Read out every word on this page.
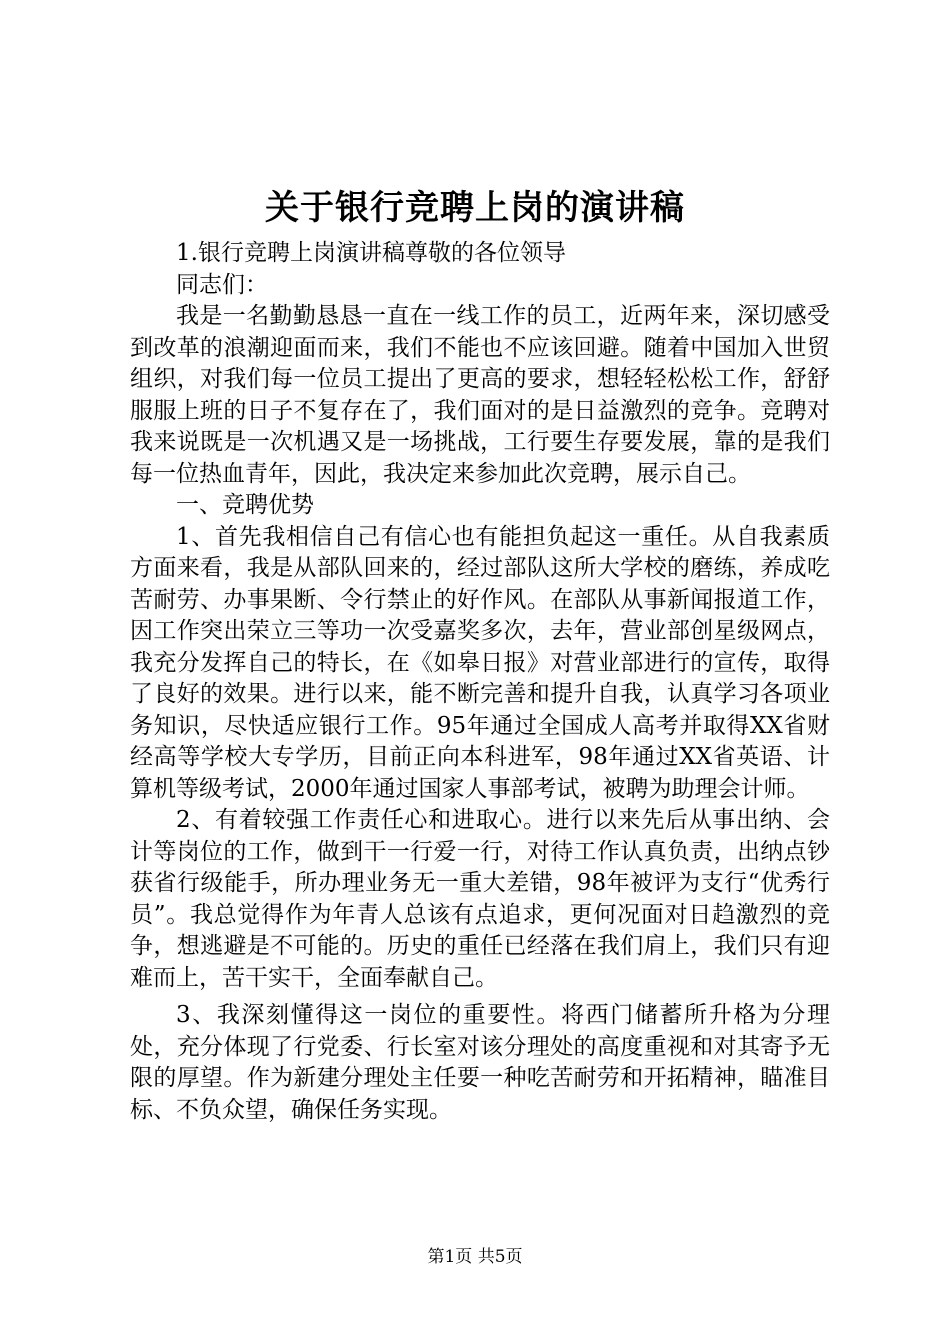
关于银行竞聘上岗的演讲稿

1.银行竞聘上岗演讲稿尊敬的各位领导

同志们：

我是一名勤勤恳恳一直在一线工作的员工，近两年来，深切感受到改革的浪潮迎面而来，我们不能也不应该回避。随着中国加入世贸组织，对我们每一位员工提出了更高的要求，想轻轻松松工作，舒舒服服上班的日子不复存在了，我们面对的是日益激烈的竞争。竞聘对我来说既是一次机遇又是一场挑战，工行要生存要发展，靠的是我们每一位热血青年，因此，我决定来参加此次竞聘，展示自己。

一、竞聘优势

1、首先我相信自己有信心也有能担负起这一重任。从自我素质方面来看，我是从部队回来的，经过部队这所大学校的磨练，养成吃苦耐劳、办事果断、令行禁止的好作风。在部队从事新闻报道工作，因工作突出荣立三等功一次受嘉奖多次，去年，营业部创星级网点，我充分发挥自己的特长，在《如皋日报》对营业部进行的宣传，取得了良好的效果。进行以来，能不断完善和提升自我，认真学习各项业务知识，尽快适应银行工作。95年通过全国成人高考并取得XX省财经高等学校大专学历，目前正向本科进军，98年通过XX省英语、计算机等级考试，2000年通过国家人事部考试，被聘为助理会计师。

2、有着较强工作责任心和进取心。进行以来先后从事出纳、会计等岗位的工作，做到干一行爱一行，对待工作认真负责，出纳点钞获省行级能手，所办理业务无一重大差错，98年被评为支行“优秀行员”。我总觉得作为年青人总该有点追求，更何况面对日趋激烈的竞争，想逃避是不可能的。历史的重任已经落在我们肩上，我们只有迎难而上，苦干实干，全面奉献自己。

3、我深刻懂得这一岗位的重要性。将西门储蓄所升格为分理处，充分体现了行党委、行长室对该分理处的高度重视和对其寄予无限的厚望。作为新建分理处主任要一种吃苦耐劳和开拓精神，瞄准目标、不负众望，确保任务实现。

第1页 共5页
